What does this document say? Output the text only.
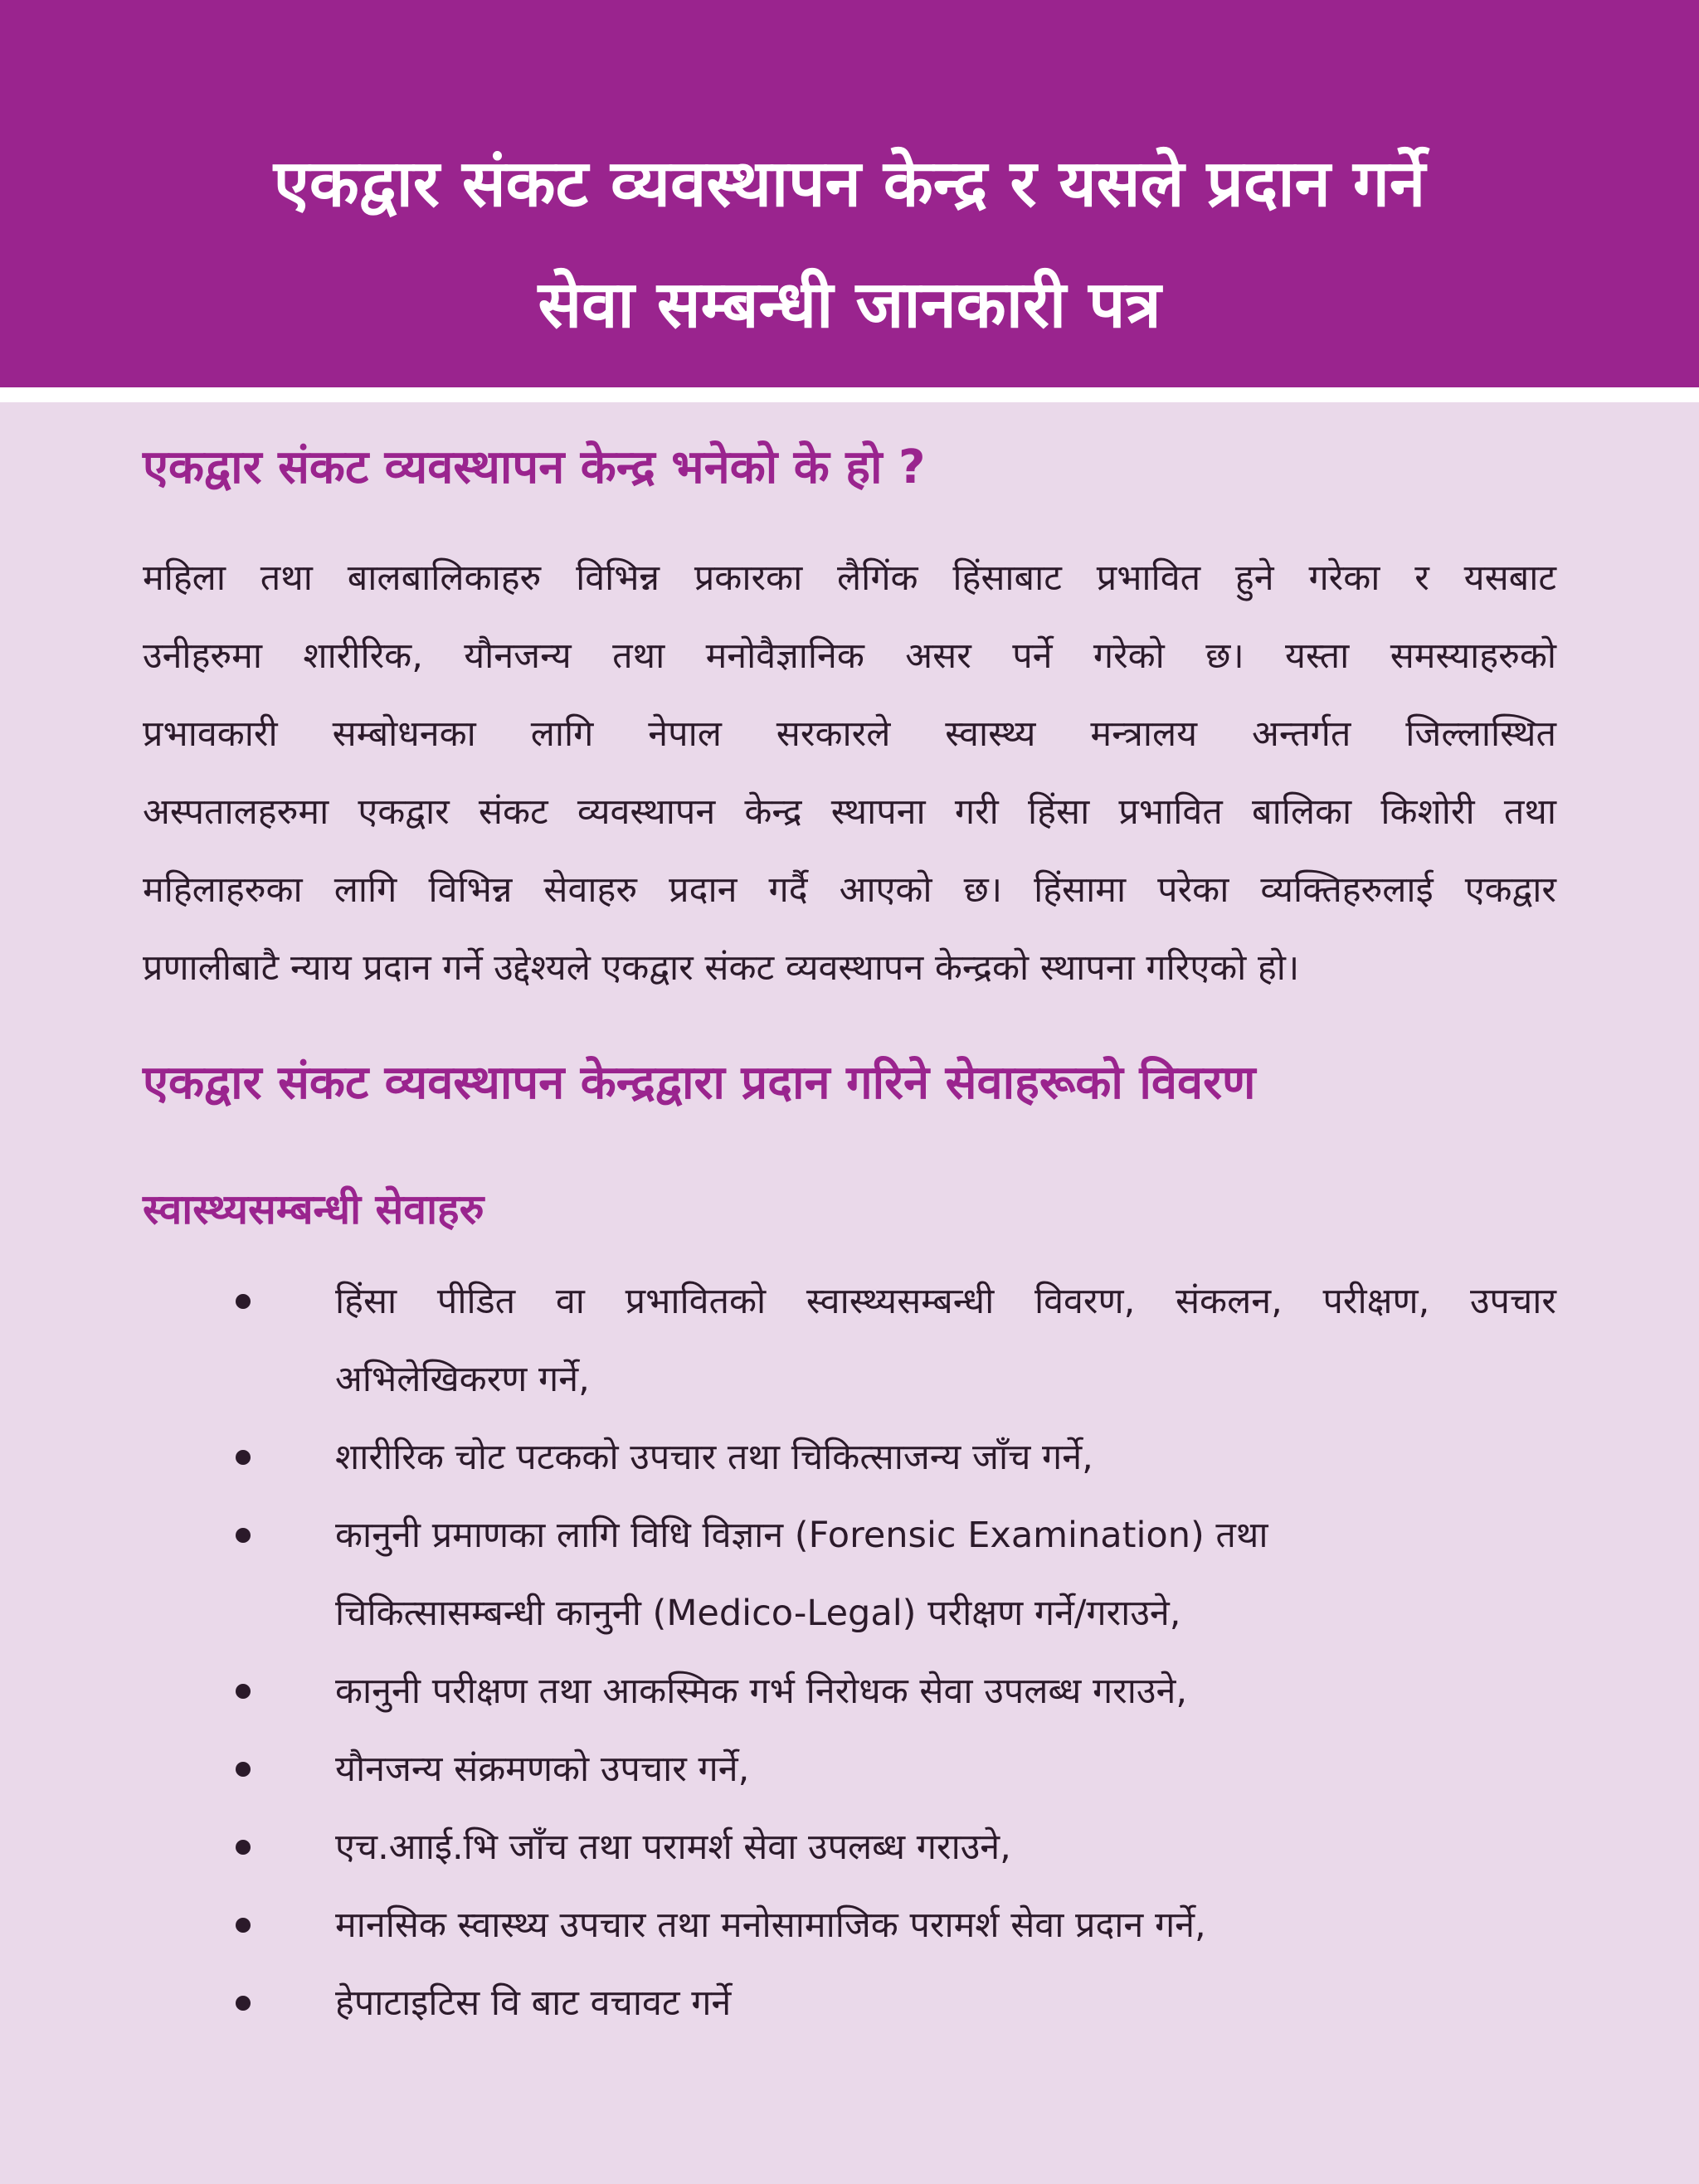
एकद्वार संकट व्यवस्थापन केन्द्र र यसले प्रदान गर्ने
सेवा सम्बन्धी जानकारी पत्र
एकद्वार संकट व्यवस्थापन केन्द्र भनेको के हो ?
महिला तथा बालबालिकाहरु विभिन्न प्रकारका लैगिंक हिंसाबाट प्रभावित हुने गरेका र यसबाट
उनीहरुमा शारीरिक, यौनजन्य तथा मनोवैज्ञानिक असर पर्ने गरेको छ। यस्ता समस्याहरुको
प्रभावकारी सम्बोधनका लागि नेपाल सरकारले स्वास्थ्य मन्त्रालय अन्तर्गत जिल्लास्थित
अस्पतालहरुमा एकद्वार संकट व्यवस्थापन केन्द्र स्थापना गरी हिंसा प्रभावित बालिका किशोरी तथा
महिलाहरुका लागि विभिन्न सेवाहरु प्रदान गर्दै आएको छ। हिंसामा परेका व्यक्तिहरुलाई एकद्वार
प्रणालीबाटै न्याय प्रदान गर्ने उद्देश्यले एकद्वार संकट व्यवस्थापन केन्द्रको स्थापना गरिएको हो।
एकद्वार संकट व्यवस्थापन केन्द्रद्वारा प्रदान गरिने सेवाहरूको विवरण
स्वास्थ्यसम्बन्धी सेवाहरु
हिंसा पीडित वा प्रभावितको स्वास्थ्यसम्बन्धी विवरण, संकलन, परीक्षण, उपचार
अभिलेखिकरण गर्ने,
शारीरिक चोट पटकको उपचार तथा चिकित्साजन्य जाँच गर्ने,
कानुनी प्रमाणका लागि विधि विज्ञान (Forensic Examination) तथा
चिकित्सासम्बन्धी कानुनी (Medico-Legal) परीक्षण गर्ने/गराउने,
कानुनी परीक्षण तथा आकस्मिक गर्भ निरोधक सेवा उपलब्ध गराउने,
यौनजन्य संक्रमणको उपचार गर्ने,
एच.आाई.भि जाँच तथा परामर्श सेवा उपलब्ध गराउने,
मानसिक स्वास्थ्य उपचार तथा मनोसामाजिक परामर्श सेवा प्रदान गर्ने,
हेपाटाइटिस वि बाट वचावट गर्ने
